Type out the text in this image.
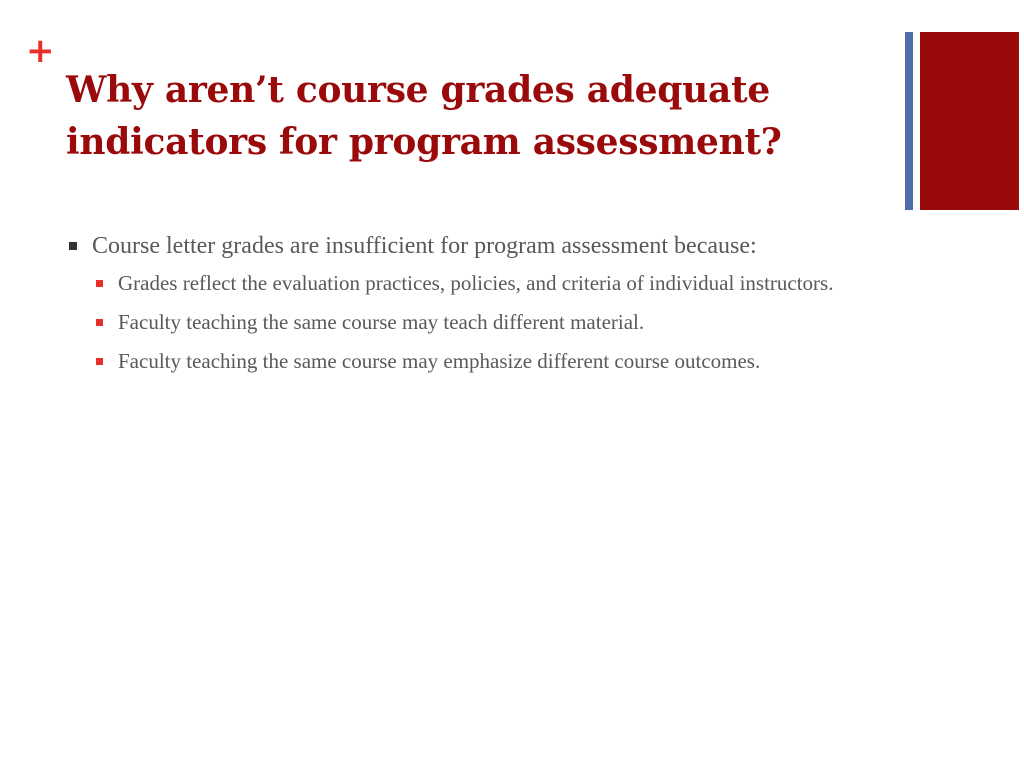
+
Why aren’t course grades adequate indicators for program assessment?
Course letter grades are insufficient for program assessment because:
Grades reflect the evaluation practices, policies, and criteria of individual instructors.
Faculty teaching the same course may teach different material.
Faculty teaching the same course may emphasize different course outcomes.
